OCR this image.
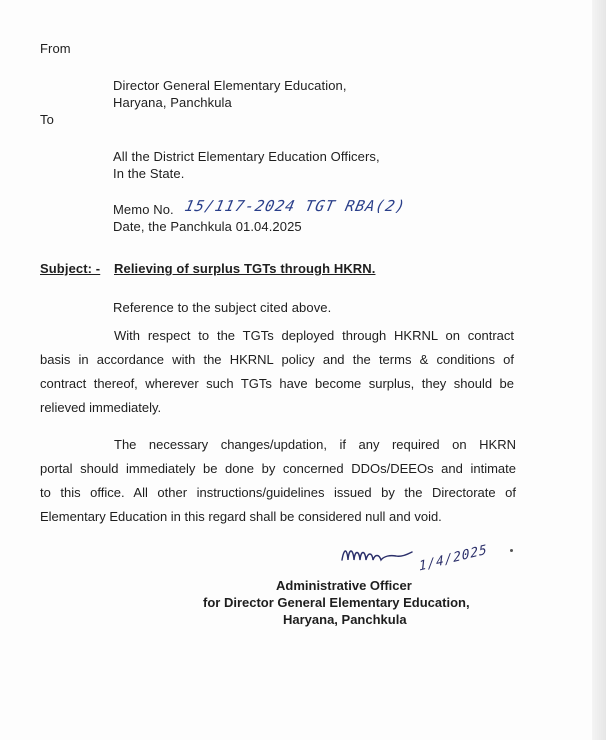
From
Director General Elementary Education,
Haryana, Panchkula
To
All the District Elementary Education Officers,
In the State.
Memo No. 15/117-2024 TGT RBA(2)
Date, the Panchkula 01.04.2025
Subject: - Relieving of surplus TGTs through HKRN.
Reference to the subject cited above.
With respect to the TGTs deployed through HKRNL on contract
basis in accordance with the HKRNL policy and the terms & conditions of
contract thereof, wherever such TGTs have become surplus, they should be
relieved immediately.
The necessary changes/updation, if any required on HKRN
portal should immediately be done by concerned DDOs/DEEOs and intimate
to this office. All other instructions/guidelines issued by the Directorate of
Elementary Education in this regard shall be considered null and void.
1/4/2025
Administrative Officer
for Director General Elementary Education,
Haryana, Panchkula
